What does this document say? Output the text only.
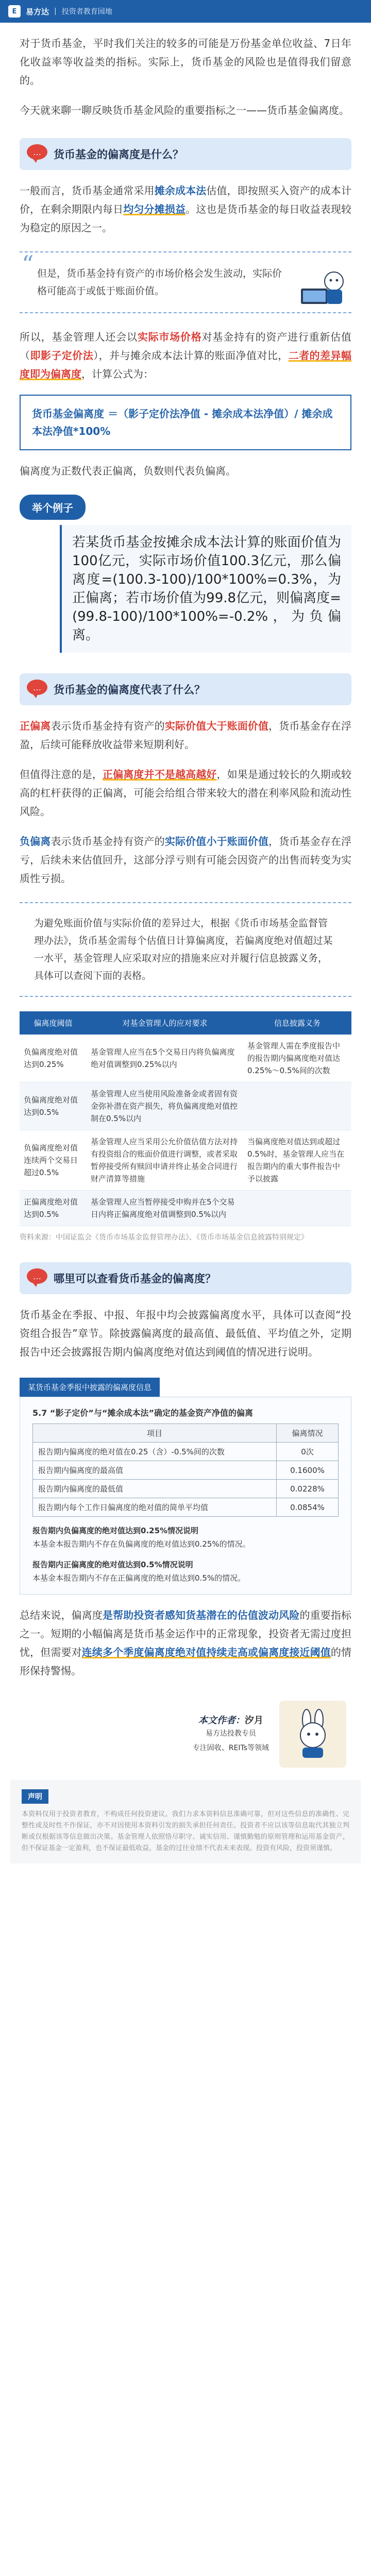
E	易方达 | 投资者教育园地

对于货币基金，平时我们关注的较多的可能是万份基金单位收益、7日年化收益率等收益类的指标。实际上，货币基金的风险也是值得我们留意的。

今天就来聊一聊反映货币基金风险的重要指标之一——货币基金偏离度。

…	货币基金的偏离度是什么？

一般而言，货币基金通常采用摊余成本法估值，即按照买入资产的成本计价，在剩余期限内每日均匀分摊损益。这也是货币基金的每日收益表现较为稳定的原因之一。

“ 但是，货币基金持有资产的市场价格会发生波动，实际价格可能高于或低于账面价值。

所以，基金管理人还会以实际市场价格对基金持有的资产进行重新估值（即影子定价法），并与摊余成本法计算的账面净值对比，二者的差异幅度即为偏离度，计算公式为：

货币基金偏离度 ＝（影子定价法净值 - 摊余成本法净值）/ 摊余成本法净值*100%

偏离度为正数代表正偏离，负数则代表负偏离。

举个例子
若某货币基金按摊余成本法计算的账面价值为100亿元，实际市场价值100.3亿元，那么偏离度=(100.3-100)/100*100%=0.3%，为正偏离；若市场价值为99.8亿元，则偏离度=(99.8-100)/100*100%=-0.2%，为负偏离。
…	货币基金的偏离度代表了什么？

正偏离表示货币基金持有资产的实际价值大于账面价值，货币基金存在浮盈，后续可能释放收益带来短期利好。

但值得注意的是，正偏离度并不是越高越好，如果是通过较长的久期或较高的杠杆获得的正偏离，可能会给组合带来较大的潜在利率风险和流动性风险。

负偏离表示货币基金持有资产的实际价值小于账面价值，货币基金存在浮亏，后续未来估值回升，这部分浮亏则有可能会因资产的出售而转变为实质性亏损。

为避免账面价值与实际价值的差异过大，根据《货币市场基金监督管理办法》，货币基金需每个估值日计算偏离度，若偏离度绝对值超过某一水平，基金管理人应采取对应的措施来应对并履行信息披露义务，具体可以查阅下面的表格。
偏离度阈值	对基金管理人的应对要求	信息披露义务
负偏离度绝对值达到0.25%	基金管理人应当在5个交易日内将负偏离度绝对值调整到0.25%以内	基金管理人需在季度报告中的报告期内偏离度绝对值达0.25%～0.5%间的次数
负偏离度绝对值达到0.5%	基金管理人应当使用风险准备金或者固有资金弥补潜在资产损失，将负偏离度绝对值控制在0.5%以内	
负偏离度绝对值连续两个交易日超过0.5%	基金管理人应当采用公允价值估值方法对持有投资组合的账面价值进行调整，或者采取暂停接受所有赎回申请并终止基金合同进行财产清算等措施	当偏离度绝对值达到或超过0.5%时，基金管理人应当在报告期内的重大事件报告中予以披露
正偏离度绝对值达到0.5%	基金管理人应当暂停接受申购并在5个交易日内将正偏离度绝对值调整到0.5%以内	
资料来源：中国证监会《货币市场基金监督管理办法》、《货币市场基金信息披露特别规定》
…	哪里可以查看货币基金的偏离度？

货币基金在季报、中报、年报中均会披露偏离度水平，具体可以查阅“投资组合报告”章节。除披露偏离度的最高值、最低值、平均值之外，定期报告中还会披露报告期内偏离度绝对值达到阈值的情况进行说明。

某货币基金季报中披露的偏离度信息
5.7 “影子定价”与“摊余成本法”确定的基金资产净值的偏离
项目	偏离情况
报告期内偏离度的绝对值在0.25（含）-0.5%间的次数	0次
报告期内偏离度的最高值	0.1600%
报告期内偏离度的最低值	0.0228%
报告期内每个工作日偏离度的绝对值的简单平均值	0.0854%
报告期内负偏离度的绝对值达到0.25%情况说明
本基金本报告期内不存在负偏离度的绝对值达到0.25%的情况。
报告期内正偏离度的绝对值达到0.5%情况说明
本基金本报告期内不存在正偏离度的绝对值达到0.5%的情况。

总结来说，偏离度是帮助投资者感知货基潜在的估值波动风险的重要指标之一。短期的小幅偏离是货币基金运作中的正常现象，投资者无需过度担忧，但需要对连续多个季度偏离度绝对值持续走高或偏离度接近阈值的情形保持警惕。

本文作者：汐月
易方达投教专员
专注固收、REITs等领域
声明
本资料仅用于投资者教育，不构成任何投资建议。我们力求本资料信息准确可靠，但对这些信息的准确性、完整性或及时性不作保证，亦不对因使用本资料引发的损失承担任何责任。投资者不应以该等信息取代其独立判断或仅根据该等信息做出决策。基金管理人依照恪尽职守、诚实信用、谨慎勤勉的原则管理和运用基金资产，但不保证基金一定盈利，也不保证最低收益。基金的过往业绩不代表未来表现。投资有风险，投资须谨慎。
